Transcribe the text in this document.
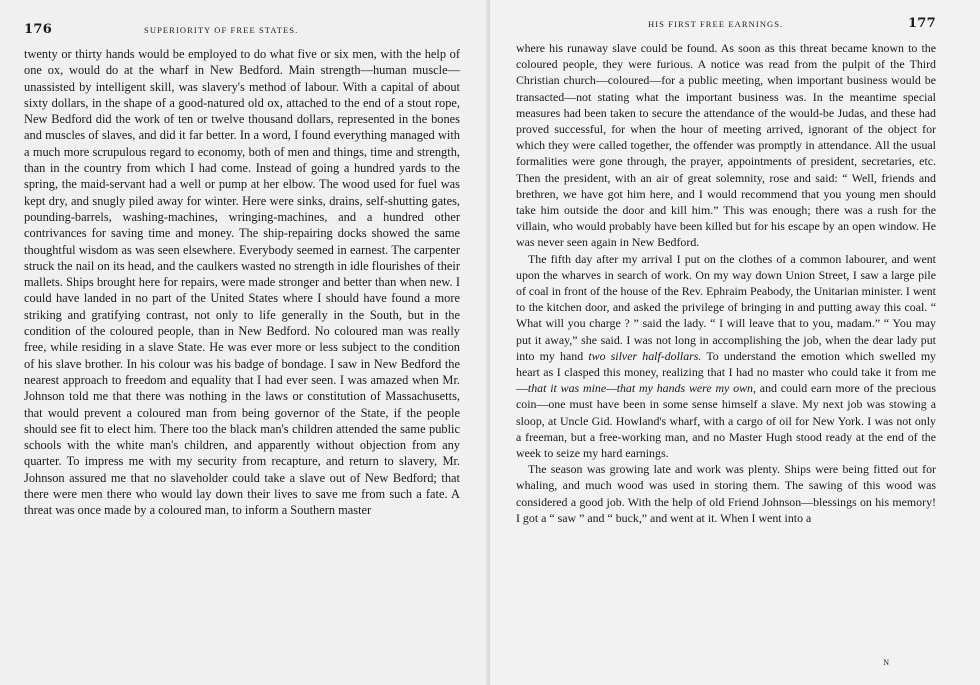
176	SUPERIORITY OF FREE STATES.

twenty or thirty hands would be employed to do what five or six men, with the help of one ox, would do at the wharf in New Bedford. Main strength—human muscle—unassisted by intelligent skill, was slavery's method of labour. With a capital of about sixty dollars, in the shape of a good-natured old ox, attached to the end of a stout rope, New Bedford did the work of ten or twelve thousand dollars, represented in the bones and muscles of slaves, and did it far better. In a word, I found everything managed with a much more scrupulous regard to economy, both of men and things, time and strength, than in the country from which I had come. Instead of going a hundred yards to the spring, the maid-servant had a well or pump at her elbow. The wood used for fuel was kept dry, and snugly piled away for winter. Here were sinks, drains, self-shutting gates, pounding-barrels, washing-machines, wringing-machines, and a hundred other contrivances for saving time and money. The ship-repairing docks showed the same thoughtful wisdom as was seen elsewhere. Everybody seemed in earnest. The carpenter struck the nail on its head, and the caulkers wasted no strength in idle flourishes of their mallets. Ships brought here for repairs, were made stronger and better than when new. I could have landed in no part of the United States where I should have found a more striking and gratifying contrast, not only to life generally in the South, but in the condition of the coloured people, than in New Bedford. No coloured man was really free, while residing in a slave State. He was ever more or less subject to the condition of his slave brother. In his colour was his badge of bondage. I saw in New Bedford the nearest approach to freedom and equality that I had ever seen. I was amazed when Mr. Johnson told me that there was nothing in the laws or constitution of Massachusetts, that would prevent a coloured man from being governor of the State, if the people should see fit to elect him. There too the black man's children attended the same public schools with the white man's children, and apparently without objection from any quarter. To impress me with my security from recapture, and return to slavery, Mr. Johnson assured me that no slaveholder could take a slave out of New Bedford; that there were men there who would lay down their lives to save me from such a fate. A threat was once made by a coloured man, to inform a Southern master

HIS FIRST FREE EARNINGS.	177

where his runaway slave could be found. As soon as this threat became known to the coloured people, they were furious. A notice was read from the pulpit of the Third Christian church—coloured—for a public meeting, when important business would be transacted—not stating what the important business was. In the meantime special measures had been taken to secure the attendance of the would-be Judas, and these had proved successful, for when the hour of meeting arrived, ignorant of the object for which they were called together, the offender was promptly in attendance. All the usual formalities were gone through, the prayer, appointments of president, secretaries, etc. Then the president, with an air of great solemnity, rose and said: “ Well, friends and brethren, we have got him here, and I would recommend that you young men should take him outside the door and kill him.” This was enough; there was a rush for the villain, who would probably have been killed but for his escape by an open window. He was never seen again in New Bedford.

The fifth day after my arrival I put on the clothes of a common labourer, and went upon the wharves in search of work. On my way down Union Street, I saw a large pile of coal in front of the house of the Rev. Ephraim Peabody, the Unitarian minister. I went to the kitchen door, and asked the privilege of bringing in and putting away this coal. “ What will you charge ? ” said the lady. “ I will leave that to you, madam.” “ You may put it away,” she said. I was not long in accomplishing the job, when the dear lady put into my hand two silver half-dollars. To understand the emotion which swelled my heart as I clasped this money, realizing that I had no master who could take it from me—that it was mine—that my hands were my own, and could earn more of the precious coin—one must have been in some sense himself a slave. My next job was stowing a sloop, at Uncle Gid. Howland's wharf, with a cargo of oil for New York. I was not only a freeman, but a free-working man, and no Master Hugh stood ready at the end of the week to seize my hard earnings.

The season was growing late and work was plenty. Ships were being fitted out for whaling, and much wood was used in storing them. The sawing of this wood was considered a good job. With the help of old Friend Johnson—blessings on his memory! I got a “ saw ” and “ buck,” and went at it. When I went into a

N
